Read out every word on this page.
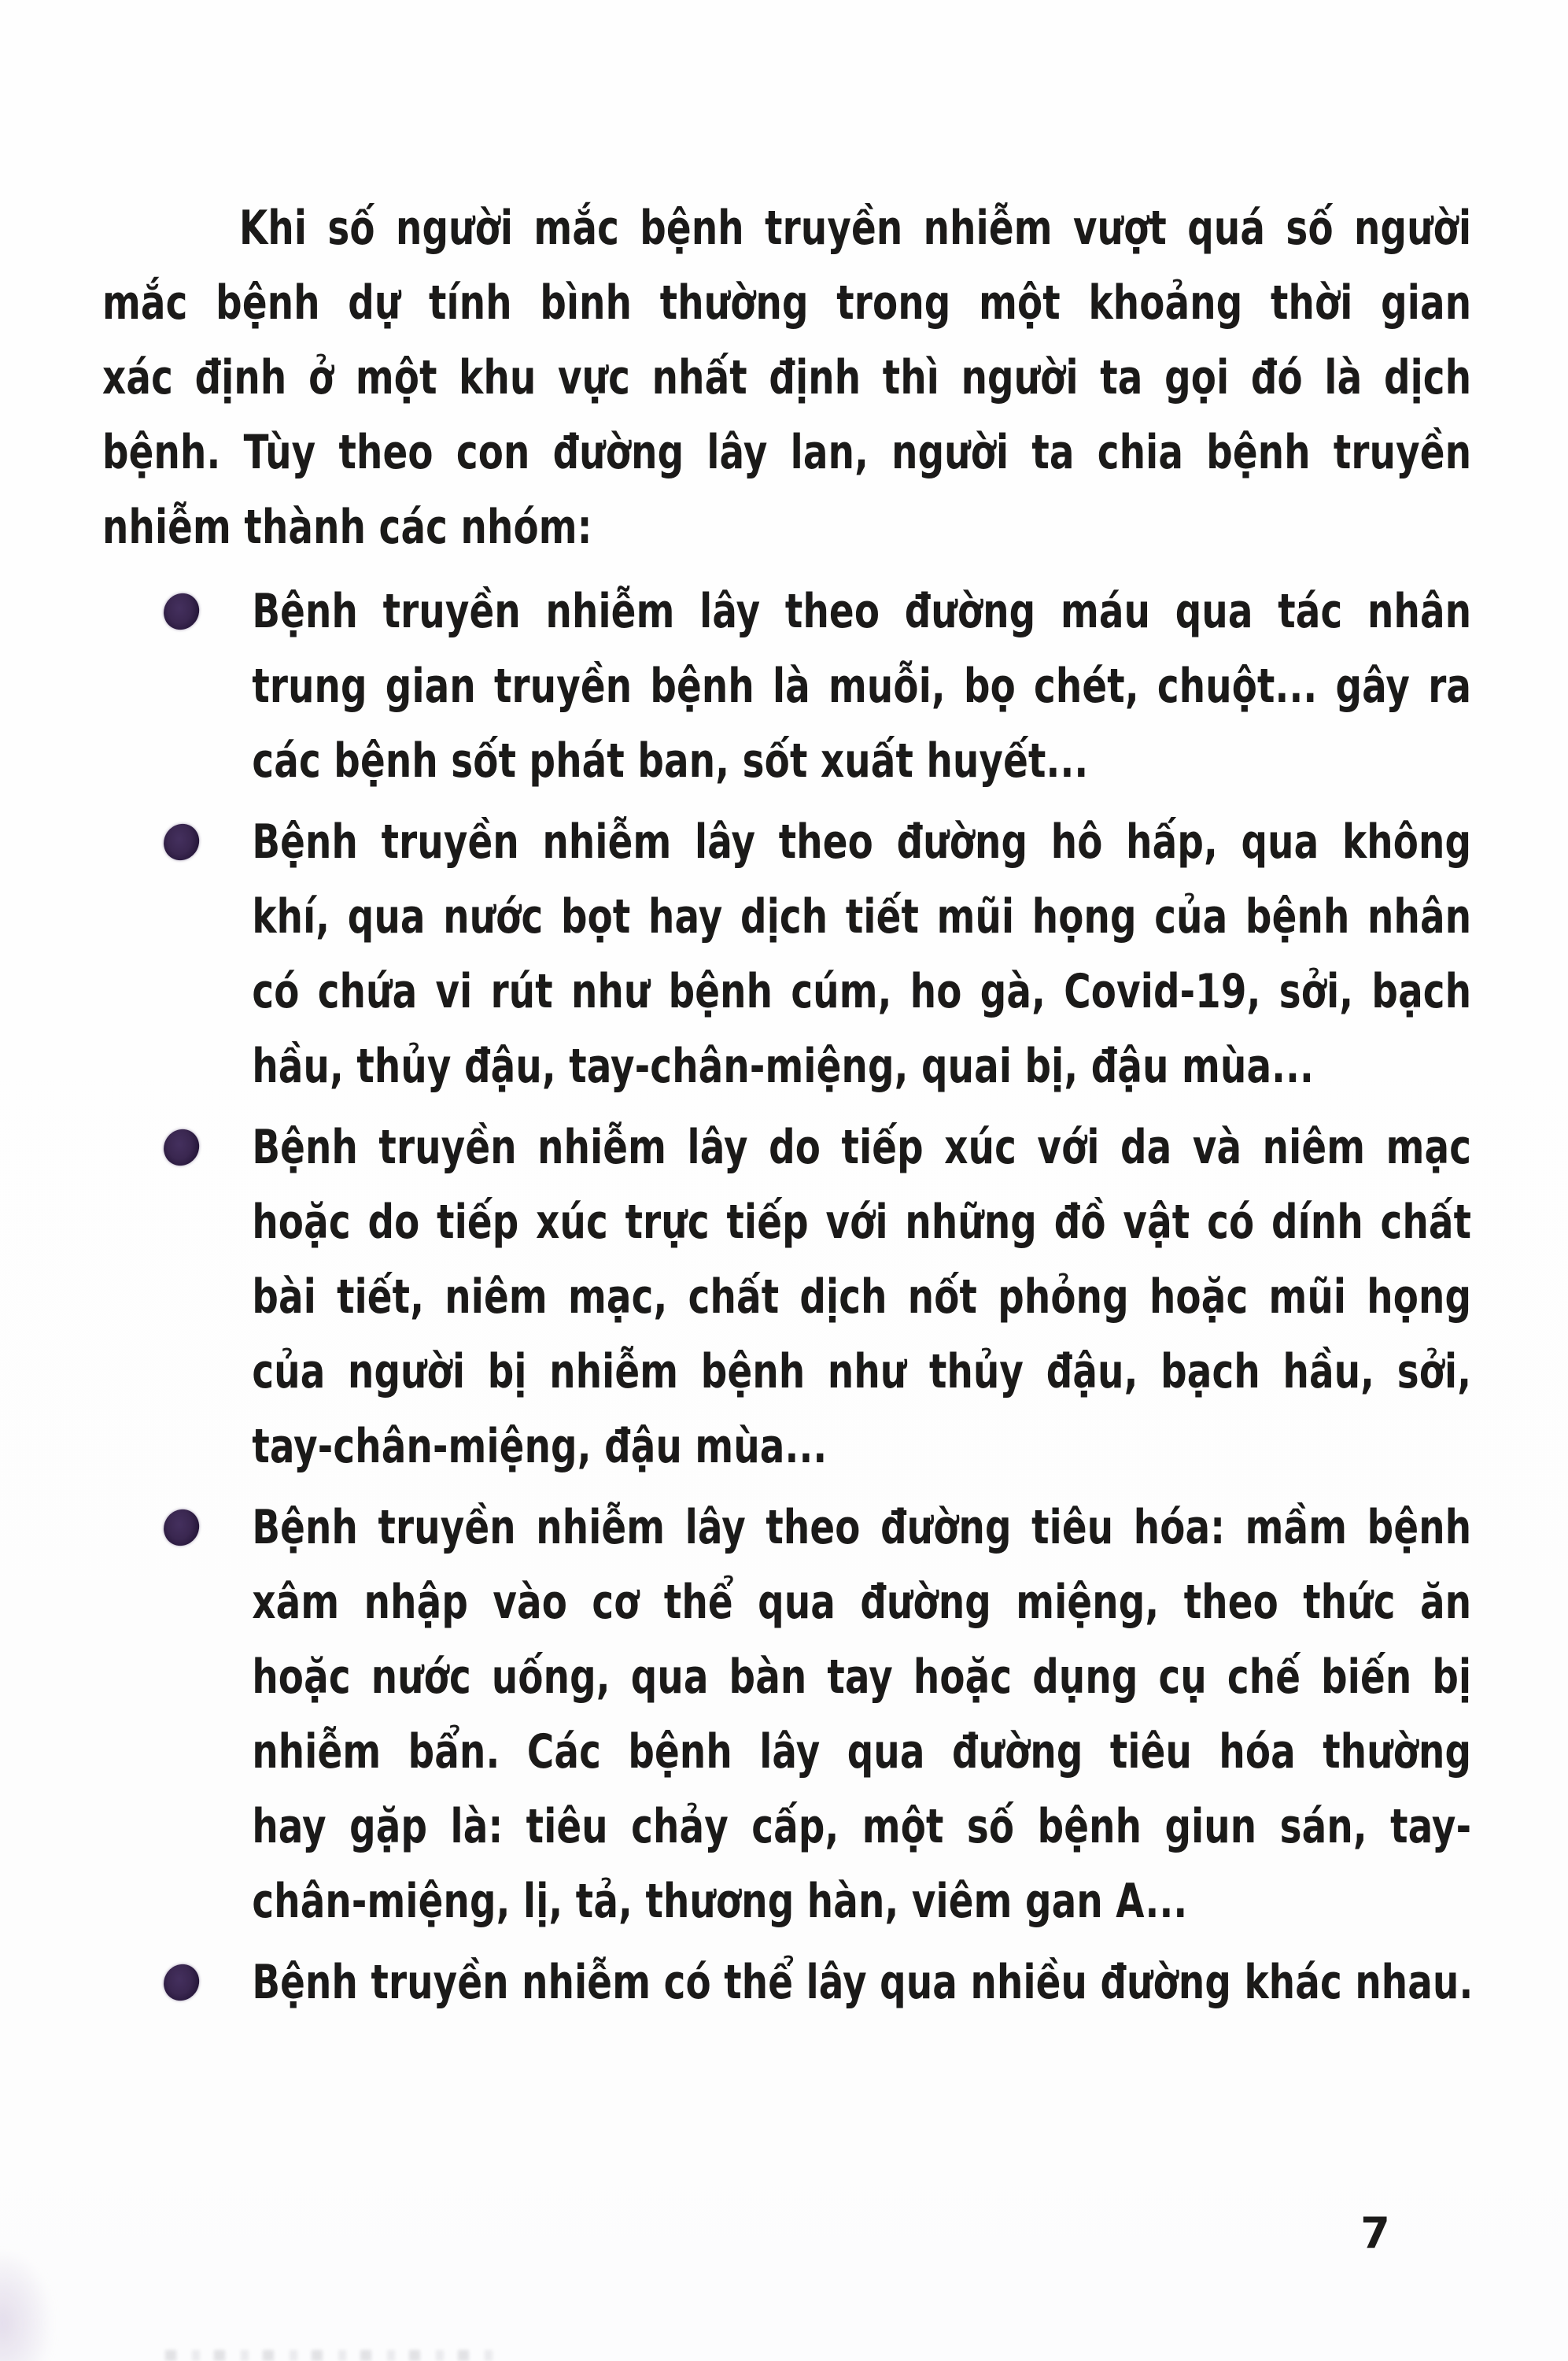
Khi số người mắc bệnh truyền nhiễm vượt quá số người
mắc bệnh dự tính bình thường trong một khoảng thời gian
xác định ở một khu vực nhất định thì người ta gọi đó là dịch
bệnh. Tùy theo con đường lây lan, người ta chia bệnh truyền
nhiễm thành các nhóm:
Bệnh truyền nhiễm lây theo đường máu qua tác nhân
trung gian truyền bệnh là muỗi, bọ chét, chuột... gây ra
các bệnh sốt phát ban, sốt xuất huyết...
Bệnh truyền nhiễm lây theo đường hô hấp, qua không
khí, qua nước bọt hay dịch tiết mũi họng của bệnh nhân
có chứa vi rút như bệnh cúm, ho gà, Covid-19, sởi, bạch
hầu, thủy đậu, tay-chân-miệng, quai bị, đậu mùa...
Bệnh truyền nhiễm lây do tiếp xúc với da và niêm mạc
hoặc do tiếp xúc trực tiếp với những đồ vật có dính chất
bài tiết, niêm mạc, chất dịch nốt phỏng hoặc mũi họng
của người bị nhiễm bệnh như thủy đậu, bạch hầu, sởi,
tay-chân-miệng, đậu mùa...
Bệnh truyền nhiễm lây theo đường tiêu hóa: mầm bệnh
xâm nhập vào cơ thể qua đường miệng, theo thức ăn
hoặc nước uống, qua bàn tay hoặc dụng cụ chế biến bị
nhiễm bẩn. Các bệnh lây qua đường tiêu hóa thường
hay gặp là: tiêu chảy cấp, một số bệnh giun sán, tay-
chân-miệng, lị, tả, thương hàn, viêm gan A...
Bệnh truyền nhiễm có thể lây qua nhiều đường khác nhau.
7
